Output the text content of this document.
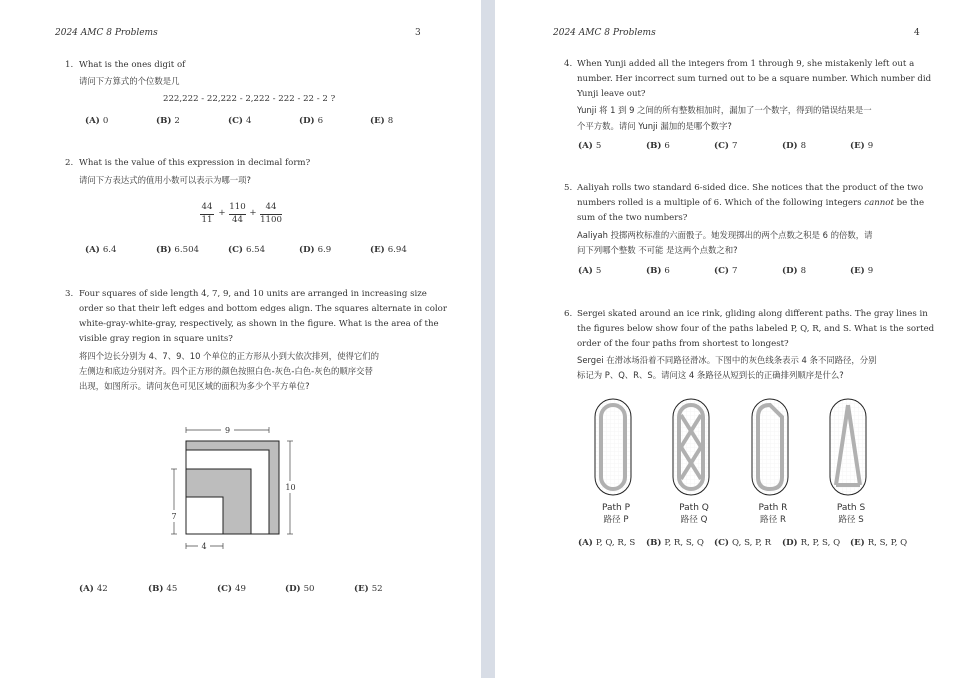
2024 AMC 8 Problems	3
1. What is the ones digit of
请问下方算式的个位数是几
222,222 - 22,222 - 2,222 - 222 - 22 - 2 ?
(A) 0	(B) 2	(C) 4	(D) 6	(E) 8
2. What is the value of this expression in decimal form?
请问下方表达式的值用小数可以表示为哪一项?
44
11
+
110
44
+
44
1100
(A) 6.4	(B) 6.504	(C) 6.54	(D) 6.9	(E) 6.94
3. Four squares of side length 4, 7, 9, and 10 units are arranged in increasing size
order so that their left edges and bottom edges align. The squares alternate in color
white-gray-white-gray, respectively, as shown in the figure. What is the area of the
visible gray region in square units?
将四个边长分别为 4、7、9、10 个单位的正方形从小到大依次排列，使得它们的
左侧边和底边分别对齐。四个正方形的颜色按照白色-灰色-白色-灰色的顺序交替
出现，如图所示。请问灰色可见区域的面积为多少个平方单位?
9
10
7
4
(A) 42	(B) 45	(C) 49	(D) 50	(E) 52
2024 AMC 8 Problems	4
4. When Yunji added all the integers from 1 through 9, she mistakenly left out a
number. Her incorrect sum turned out to be a square number. Which number did
Yunji leave out?
Yunji 将 1 到 9 之间的所有整数相加时，漏加了一个数字，得到的错误结果是一
个平方数。请问 Yunji 漏加的是哪个数字?
(A) 5	(B) 6	(C) 7	(D) 8	(E) 9
5. Aaliyah rolls two standard 6-sided dice. She notices that the product of the two
numbers rolled is a multiple of 6. Which of the following integers cannot be the
sum of the two numbers?
Aaliyah 投掷两枚标准的六面骰子。她发现掷出的两个点数之积是 6 的倍数，请
问下列哪个整数 不可能 是这两个点数之和?
(A) 5	(B) 6	(C) 7	(D) 8	(E) 9
6. Sergei skated around an ice rink, gliding along different paths. The gray lines in
the figures below show four of the paths labeled P, Q, R, and S. What is the sorted
order of the four paths from shortest to longest?
Sergei 在滑冰场沿着不同路径滑冰。下图中的灰色线条表示 4 条不同路径，分别
标记为 P、Q、R、S。请问这 4 条路径从短到长的正确排列顺序是什么?
Path P
路径 P
Path Q
路径 Q
Path R
路径 R
Path S
路径 S
(A) P, Q, R, S (B) P, R, S, Q (C) Q, S, P, R (D) R, P, S, Q (E) R, S, P, Q
